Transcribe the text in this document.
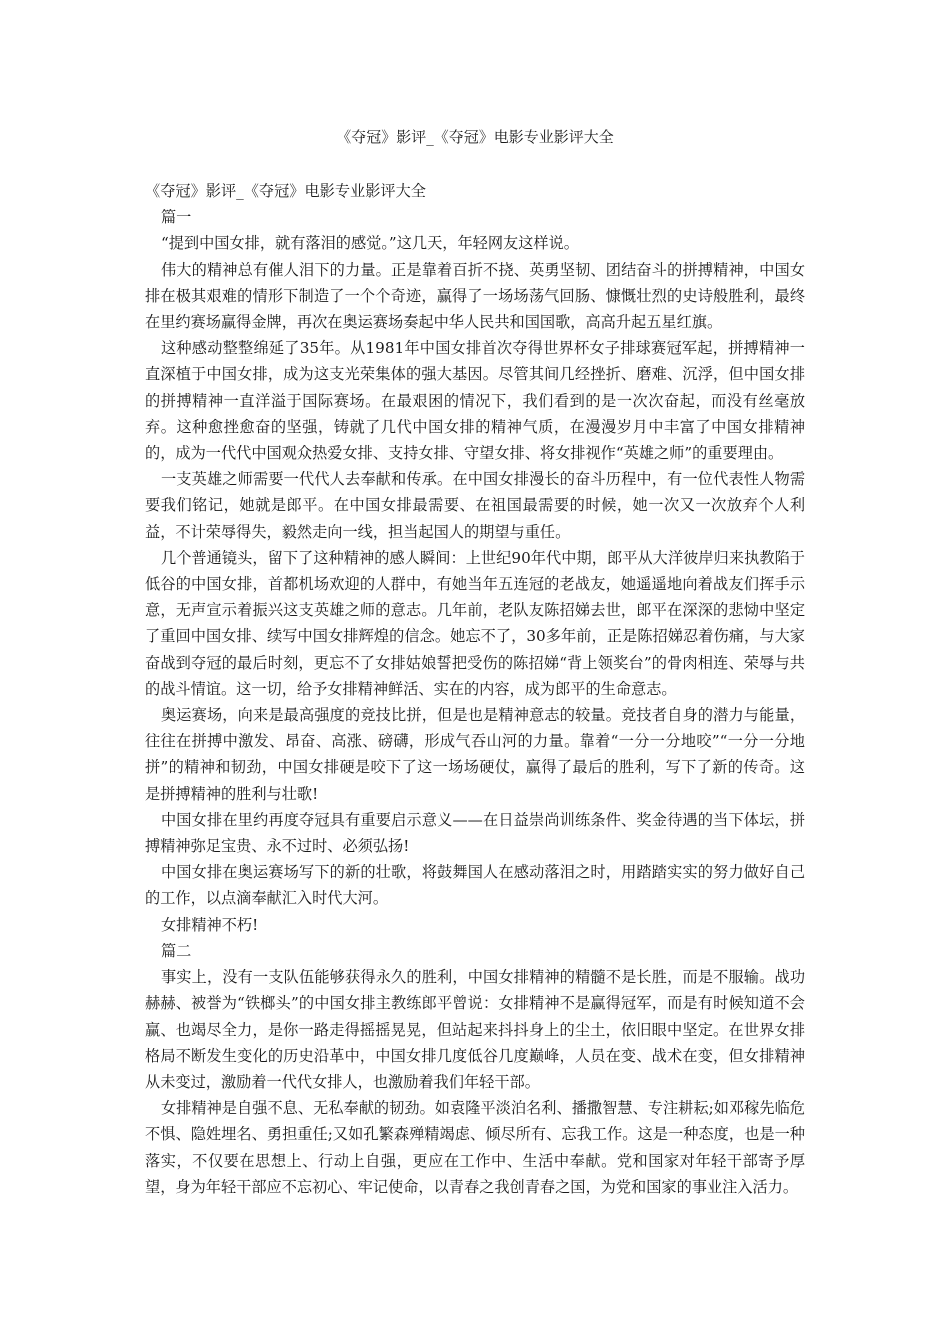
《夺冠》影评_《夺冠》电影专业影评大全

《夺冠》影评_《夺冠》电影专业影评大全

篇一

“提到中国女排，就有落泪的感觉。”这几天，年轻网友这样说。

伟大的精神总有催人泪下的力量。正是靠着百折不挠、英勇坚韧、团结奋斗的拼搏精神，中国女排在极其艰难的情形下制造了一个个奇迹，赢得了一场场荡气回肠、慷慨壮烈的史诗般胜利，最终在里约赛场赢得金牌，再次在奥运赛场奏起中华人民共和国国歌，高高升起五星红旗。

这种感动整整绵延了35年。从1981年中国女排首次夺得世界杯女子排球赛冠军起，拼搏精神一直深植于中国女排，成为这支光荣集体的强大基因。尽管其间几经挫折、磨难、沉浮，但中国女排的拼搏精神一直洋溢于国际赛场。在最艰困的情况下，我们看到的是一次次奋起，而没有丝毫放弃。这种愈挫愈奋的坚强，铸就了几代中国女排的精神气质，在漫漫岁月中丰富了中国女排精神的，成为一代代中国观众热爱女排、支持女排、守望女排、将女排视作“英雄之师”的重要理由。

一支英雄之师需要一代代人去奉献和传承。在中国女排漫长的奋斗历程中，有一位代表性人物需要我们铭记，她就是郎平。在中国女排最需要、在祖国最需要的时候，她一次又一次放弃个人利益，不计荣辱得失，毅然走向一线，担当起国人的期望与重任。

几个普通镜头，留下了这种精神的感人瞬间：上世纪90年代中期，郎平从大洋彼岸归来执教陷于低谷的中国女排，首都机场欢迎的人群中，有她当年五连冠的老战友，她遥遥地向着战友们挥手示意，无声宣示着振兴这支英雄之师的意志。几年前，老队友陈招娣去世，郎平在深深的悲恸中坚定了重回中国女排、续写中国女排辉煌的信念。她忘不了，30多年前，正是陈招娣忍着伤痛，与大家奋战到夺冠的最后时刻，更忘不了女排姑娘誓把受伤的陈招娣“背上领奖台”的骨肉相连、荣辱与共的战斗情谊。这一切，给予女排精神鲜活、实在的内容，成为郎平的生命意志。

奥运赛场，向来是最高强度的竞技比拼，但是也是精神意志的较量。竞技者自身的潜力与能量，往往在拼搏中激发、昂奋、高涨、磅礴，形成气吞山河的力量。靠着“一分一分地咬”“一分一分地拼”的精神和韧劲，中国女排硬是咬下了这一场场硬仗，赢得了最后的胜利，写下了新的传奇。这是拼搏精神的胜利与壮歌!

中国女排在里约再度夺冠具有重要启示意义——在日益崇尚训练条件、奖金待遇的当下体坛，拼搏精神弥足宝贵、永不过时、必须弘扬!

中国女排在奥运赛场写下的新的壮歌，将鼓舞国人在感动落泪之时，用踏踏实实的努力做好自己的工作，以点滴奉献汇入时代大河。

女排精神不朽!

篇二

事实上，没有一支队伍能够获得永久的胜利，中国女排精神的精髓不是长胜，而是不服输。战功赫赫、被誉为“铁榔头”的中国女排主教练郎平曾说：女排精神不是赢得冠军，而是有时候知道不会赢、也竭尽全力，是你一路走得摇摇晃晃，但站起来抖抖身上的尘土，依旧眼中坚定。在世界女排格局不断发生变化的历史沿革中，中国女排几度低谷几度巅峰，人员在变、战术在变，但女排精神从未变过，激励着一代代女排人，也激励着我们年轻干部。

女排精神是自强不息、无私奉献的韧劲。如袁隆平淡泊名利、播撒智慧、专注耕耘;如邓稼先临危不惧、隐姓埋名、勇担重任;又如孔繁森殚精竭虑、倾尽所有、忘我工作。这是一种态度，也是一种落实，不仅要在思想上、行动上自强，更应在工作中、生活中奉献。党和国家对年轻干部寄予厚望，身为年轻干部应不忘初心、牢记使命，以青春之我创青春之国，为党和国家的事业注入活力。
